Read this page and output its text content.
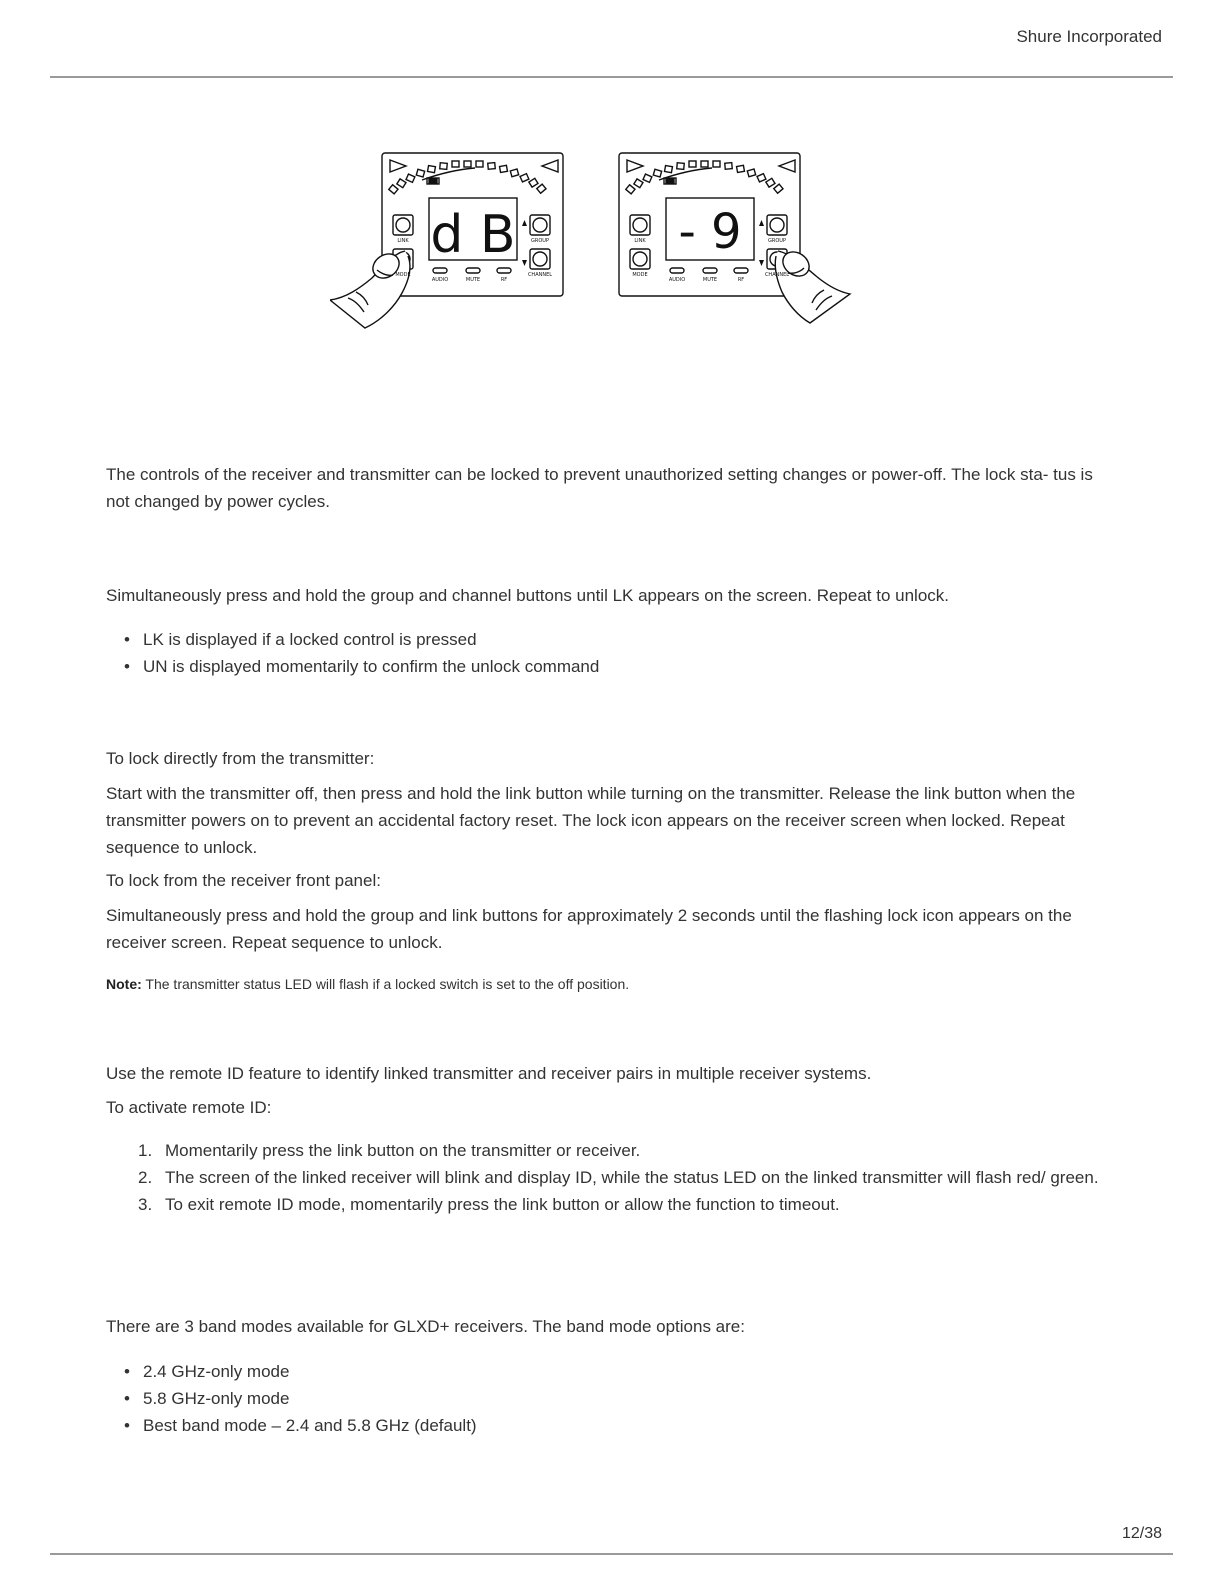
Shure Incorporated
d B
LINK
MODE
AUDIO	MUTE	RF
GROUP
CHANNEL
- 9
LINK
MODE
AUDIO	MUTE	RF
GROUP
CHANNEL

The controls of the receiver and transmitter can be locked to prevent unauthorized setting changes or power-off. The lock sta- tus is not changed by power cycles.

Simultaneously press and hold the group and channel buttons until LK appears on the screen. Repeat to unlock.

• LK is displayed if a locked control is pressed
• UN is displayed momentarily to confirm the unlock command

To lock directly from the transmitter:

Start with the transmitter off, then press and hold the link button while turning on the transmitter. Release the link button when the transmitter powers on to prevent an accidental factory reset. The lock icon appears on the receiver screen when locked. Repeat sequence to unlock.

To lock from the receiver front panel:

Simultaneously press and hold the group and link buttons for approximately 2 seconds until the flashing lock icon appears on the receiver screen. Repeat sequence to unlock.

Note: The transmitter status LED will flash if a locked switch is set to the off position.

Use the remote ID feature to identify linked transmitter and receiver pairs in multiple receiver systems.

To activate remote ID:

1. Momentarily press the link button on the transmitter or receiver.
2. The screen of the linked receiver will blink and display ID, while the status LED on the linked transmitter will flash red/ green.
3. To exit remote ID mode, momentarily press the link button or allow the function to timeout.

There are 3 band modes available for GLXD+ receivers. The band mode options are:

• 2.4 GHz-only mode
• 5.8 GHz-only mode
• Best band mode – 2.4 and 5.8 GHz (default)
12/38
